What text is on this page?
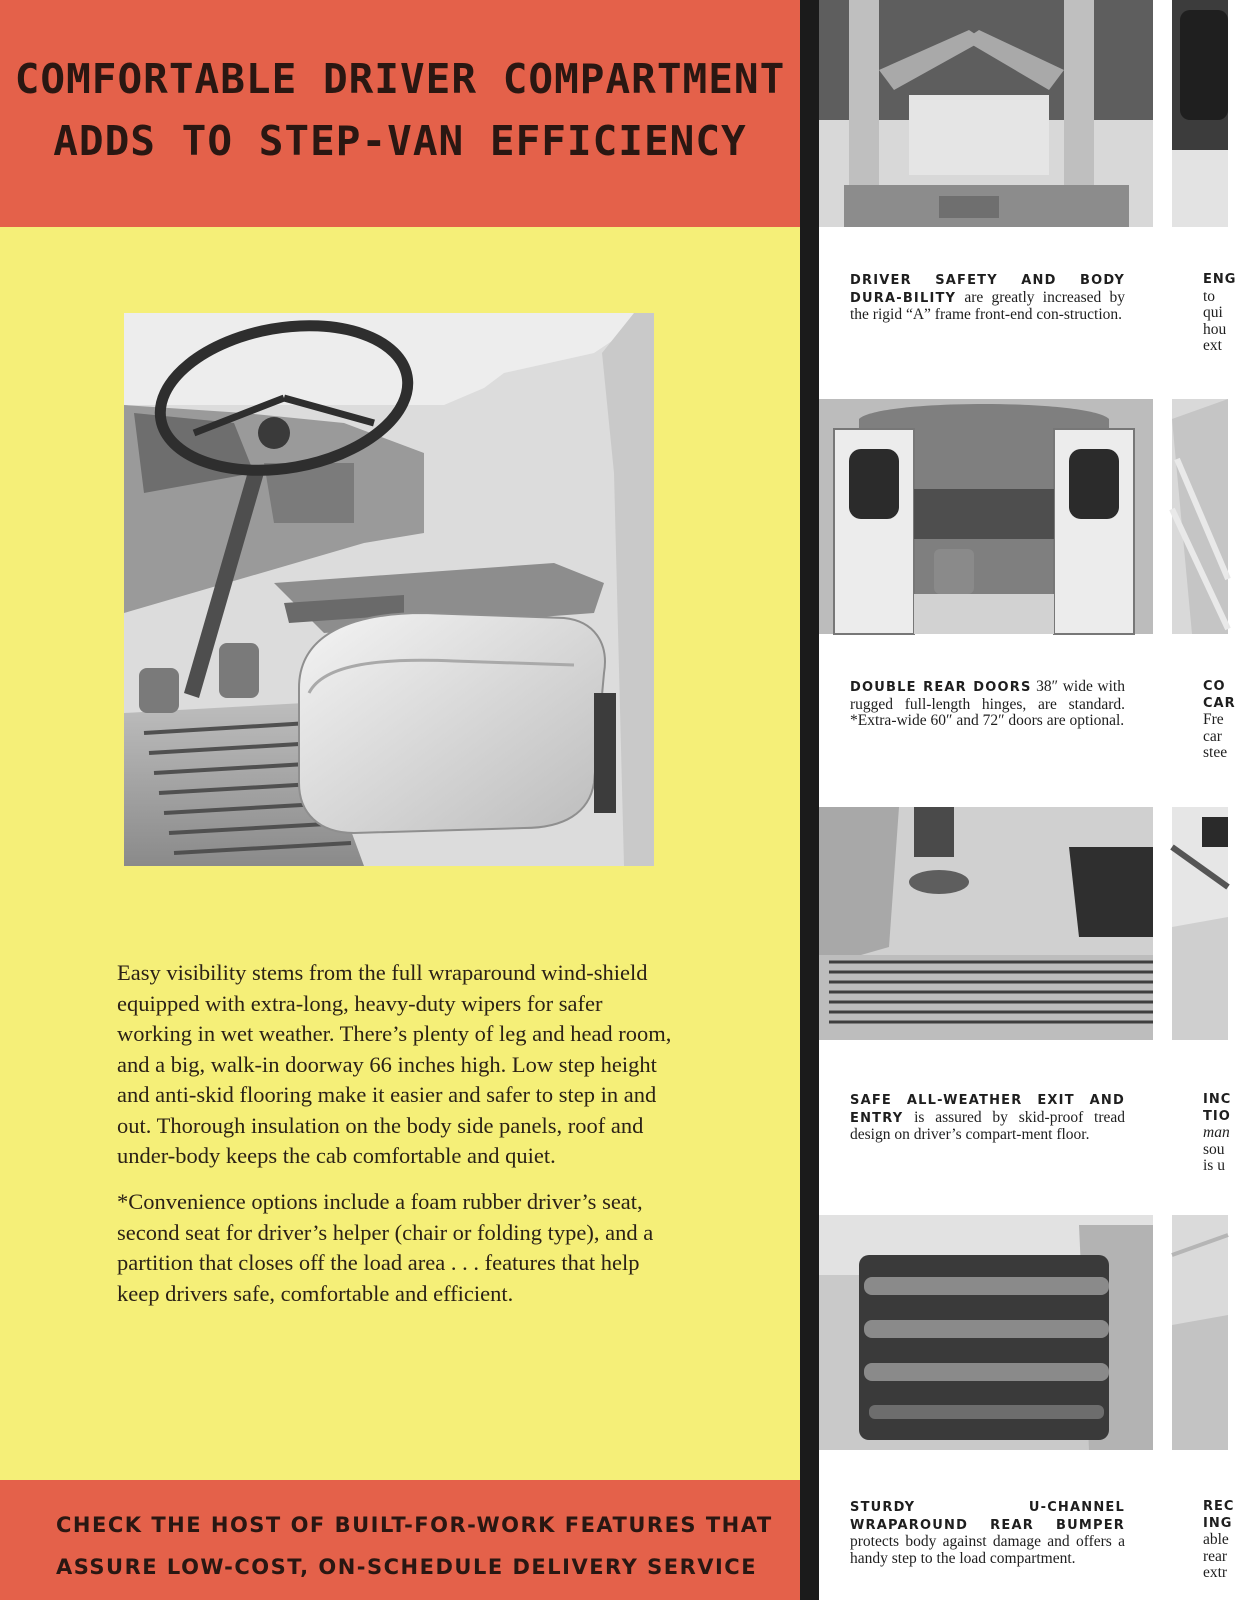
COMFORTABLE DRIVER COMPARTMENT
ADDS TO STEP-VAN EFFICIENCY

Easy visibility stems from the full wraparound wind-shield equipped with extra-long, heavy-duty wipers for safer working in wet weather. There’s plenty of leg and head room, and a big, walk-in doorway 66 inches high. Low step height and anti-skid flooring make it easier and safer to step in and out. Thorough insulation on the body side panels, roof and under-body keeps the cab comfortable and quiet.

*Convenience options include a foam rubber driver’s seat, second seat for driver’s helper (chair or folding type), and a partition that closes off the load area . . . features that help keep drivers safe, comfortable and efficient.

CHECK THE HOST OF BUILT-FOR-WORK FEATURES THAT
ASSURE LOW-COST, ON-SCHEDULE DELIVERY SERVICE

DRIVER SAFETY AND BODY DURA-BILITY are greatly increased by the rigid “A” frame front-end con-struction.

ENG
to
qui
hou
ext

DOUBLE REAR DOORS 38″ wide with rugged full-length hinges, are standard. *Extra-wide 60″ and 72″ doors are optional.

CO
CAR
Fre
car
stee

SAFE ALL-WEATHER EXIT AND ENTRY is assured by skid-proof tread design on driver’s compart-ment floor.

INC
TIO
man
sou
is u

STURDY U-CHANNEL WRAPAROUND REAR BUMPER protects body against damage and offers a handy step to the load compartment.

REC
ING
able
rear
extr
